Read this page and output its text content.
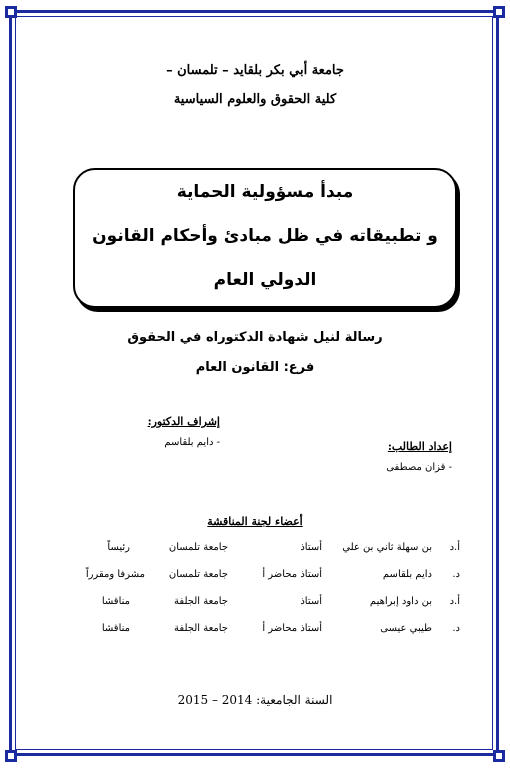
جامعة أبي بكر بلقايد – تلمسان –
كلية الحقوق والعلوم السياسية
مبدأ مسؤولية الحماية
و تطبيقاته في ظل مبادئ وأحكام القانون
الدولي العام
رسالة لنيل شهادة الدكتوراه في الحقوق
فرع: القانون العام
إشراف الدكتور:
- دايم بلقاسم	إعداد الطالب:
- قزان مصطفى
أعضاء لجنة المناقشة
أ.د
بن سهلة ثاني بن علي
أستاذ
جامعة تلمسان
رئيساً
د.
دايم بلقاسم
أستاذ محاضر أ
جامعة تلمسان
مشرفا ومقرراً
أ.د
بن داود إبراهيم
أستاذ
جامعة الجلفة
مناقشا
د.
طيبي عيسى
أستاذ محاضر أ
جامعة الجلفة
مناقشا
السنة الجامعية: 2014 – 2015
